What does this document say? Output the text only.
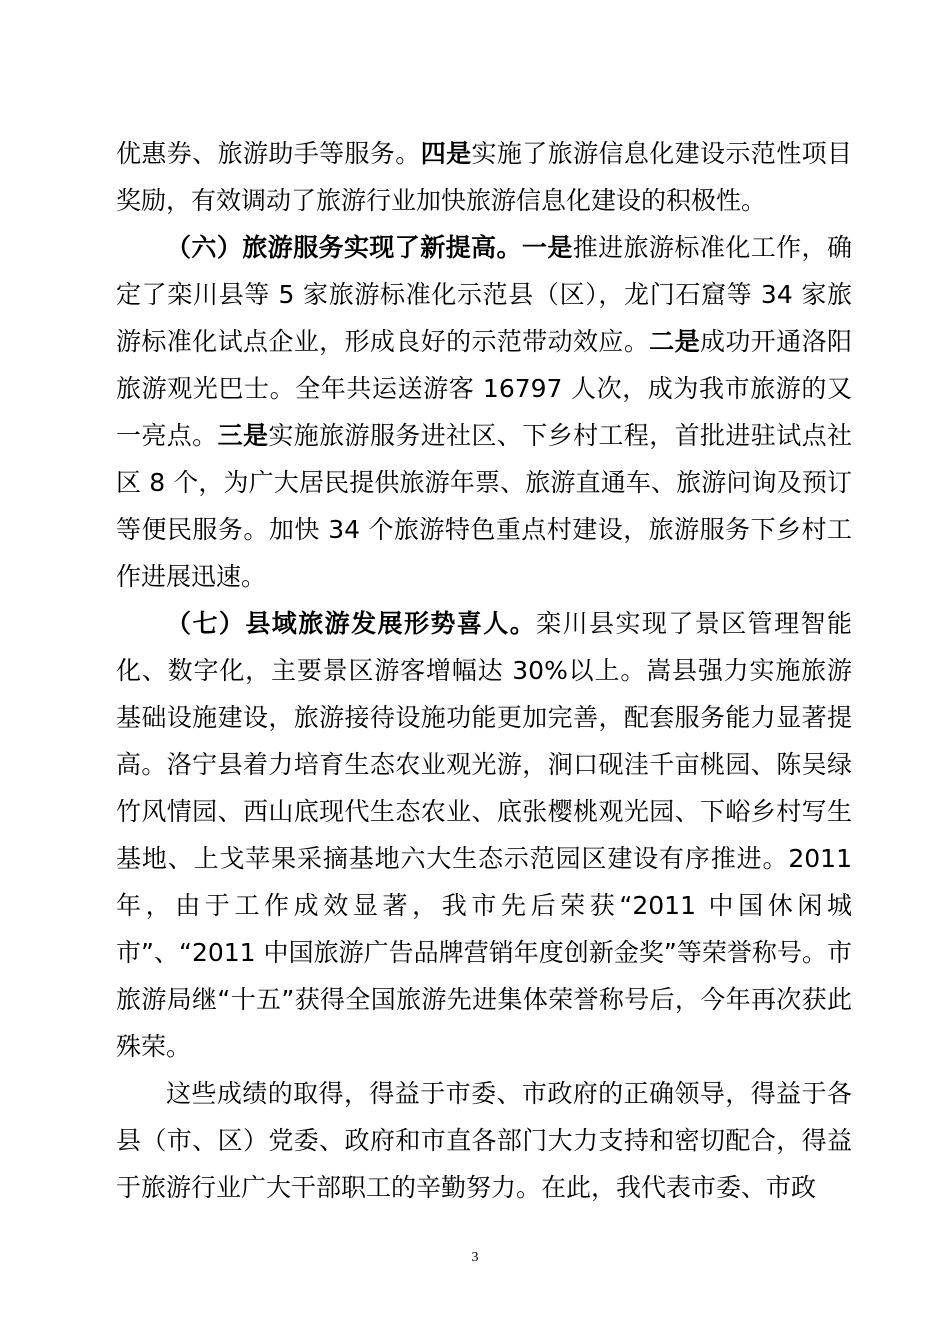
优惠券、旅游助手等服务。四是实施了旅游信息化建设示范性项目奖励，有效调动了旅游行业加快旅游信息化建设的积极性。

（六）旅游服务实现了新提高。一是推进旅游标准化工作，确定了栾川县等 5 家旅游标准化示范县（区），龙门石窟等 34 家旅游标准化试点企业，形成良好的示范带动效应。二是成功开通洛阳旅游观光巴士。全年共运送游客 16797 人次，成为我市旅游的又一亮点。三是实施旅游服务进社区、下乡村工程，首批进驻试点社区 8 个，为广大居民提供旅游年票、旅游直通车、旅游问询及预订等便民服务。加快 34 个旅游特色重点村建设，旅游服务下乡村工作进展迅速。

（七）县域旅游发展形势喜人。栾川县实现了景区管理智能化、数字化，主要景区游客增幅达 30%以上。嵩县强力实施旅游基础设施建设，旅游接待设施功能更加完善，配套服务能力显著提高。洛宁县着力培育生态农业观光游，涧口砚洼千亩桃园、陈吴绿竹风情园、西山底现代生态农业、底张樱桃观光园、下峪乡村写生基地、上戈苹果采摘基地六大生态示范园区建设有序推进。2011 年，由于工作成效显著，我市先后荣获“2011 中国休闲城市”、“2011 中国旅游广告品牌营销年度创新金奖”等荣誉称号。市旅游局继“十五”获得全国旅游先进集体荣誉称号后，今年再次获此殊荣。

这些成绩的取得，得益于市委、市政府的正确领导，得益于各县（市、区）党委、政府和市直各部门大力支持和密切配合，得益于旅游行业广大干部职工的辛勤努力。在此，我代表市委、市政

3
